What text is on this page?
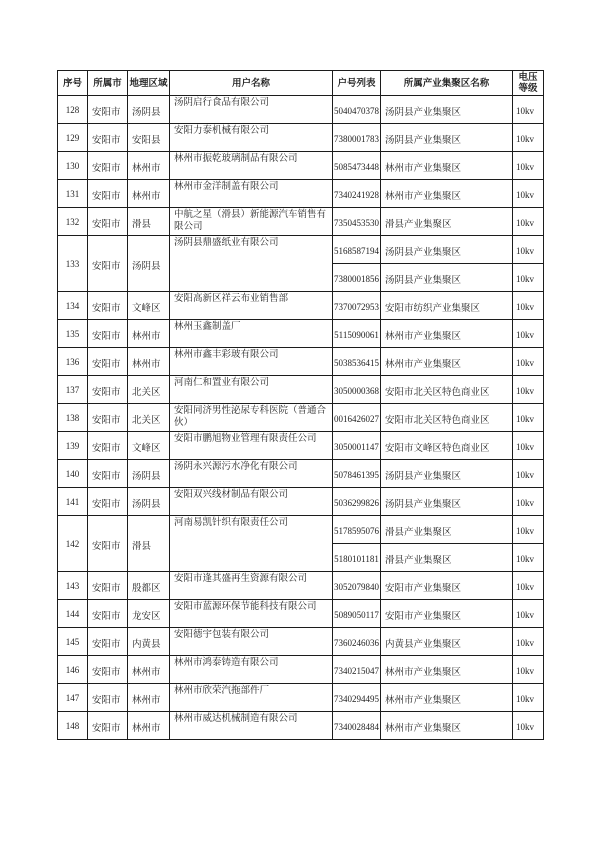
序号	所属市	地理区域	用户名称	户号列表	所属产业集聚区名称	电压等级
128	安阳市	汤阴县	汤阴启行食品有限公司	5040470378	汤阴县产业集聚区	10kv
129	安阳市	安阳县	安阳力泰机械有限公司	7380001783	汤阴县产业集聚区	10kv
130	安阳市	林州市	林州市振乾玻璃制品有限公司	5085473448	林州市产业集聚区	10kv
131	安阳市	林州市	林州市金洋制盖有限公司	7340241928	林州市产业集聚区	10kv
132	安阳市	滑县	中航之星（滑县）新能源汽车销售有限公司	7350453530	滑县产业集聚区	10kv
133	安阳市	汤阴县	汤阴县鼎盛纸业有限公司	5168587194	汤阴县产业集聚区	10kv
				7380001856	汤阴县产业集聚区	10kv
134	安阳市	文峰区	安阳高新区祥云布业销售部	7370072953	安阳市纺织产业集聚区	10kv
135	安阳市	林州市	林州玉鑫制盖厂	5115090061	林州市产业集聚区	10kv
136	安阳市	林州市	林州市鑫丰彩玻有限公司	5038536415	林州市产业集聚区	10kv
137	安阳市	北关区	河南仁和置业有限公司	3050000368	安阳市北关区特色商业区	10kv
138	安阳市	北关区	安阳同济男性泌尿专科医院（普通合伙）	0016426027	安阳市北关区特色商业区	10kv
139	安阳市	文峰区	安阳市鹏旭物业管理有限责任公司	3050001147	安阳市文峰区特色商业区	10kv
140	安阳市	汤阴县	汤阴永兴源污水净化有限公司	5078461395	汤阴县产业集聚区	10kv
141	安阳市	汤阴县	安阳双兴线材制品有限公司	5036299826	汤阴县产业集聚区	10kv
142	安阳市	滑县	河南易凯针织有限责任公司	5178595076	滑县产业集聚区	10kv
				5180101181	滑县产业集聚区	10kv
143	安阳市	殷都区	安阳市逢其盛再生资源有限公司	3052079840	安阳市产业集聚区	10kv
144	安阳市	龙安区	安阳市蓝源环保节能科技有限公司	5089050117	安阳市产业集聚区	10kv
145	安阳市	内黄县	安阳德宇包装有限公司	7360246036	内黄县产业集聚区	10kv
146	安阳市	林州市	林州市鸿泰铸造有限公司	7340215047	林州市产业集聚区	10kv
147	安阳市	林州市	林州市欣荣汽拖部件厂	7340294495	林州市产业集聚区	10kv
148	安阳市	林州市	林州市威达机械制造有限公司	7340028484	林州市产业集聚区	10kv
